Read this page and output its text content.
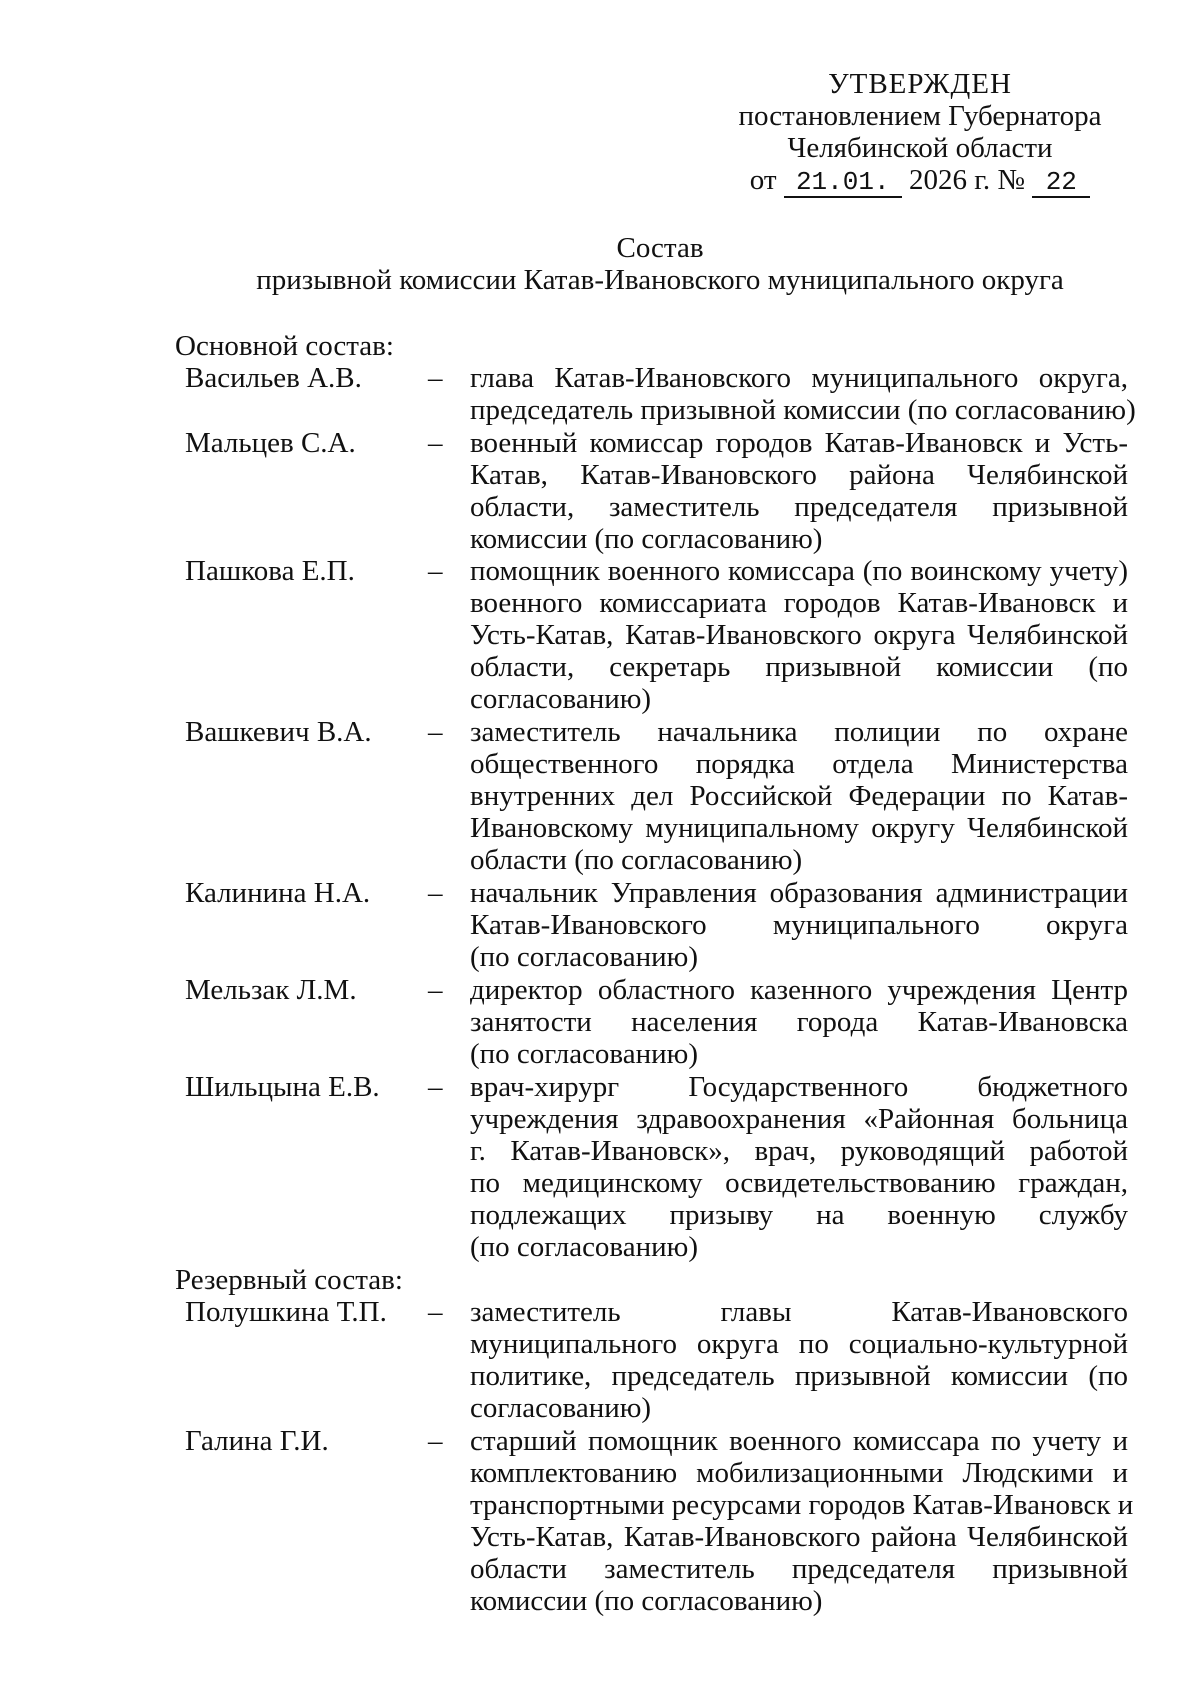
УТВЕРЖДЕН
постановлением Губернатора
Челябинской области
от 21.01. 2026 г. № 22
Состав
призывной комиссии Катав-Ивановского муниципального округа
Основной состав:
Васильев А.В. – глава Катав-Ивановского муниципального округа,
председатель призывной комиссии (по согласованию)
Мальцев С.А. – военный комиссар городов Катав-Ивановск и Усть-
Катав, Катав-Ивановского района Челябинской
области, заместитель председателя призывной
комиссии (по согласованию)
Пашкова Е.П.	– помощник военного комиссара (по воинскому учету)
военного комиссариата городов Катав-Ивановск и
Усть-Катав, Катав-Ивановского округа Челябинской
области, секретарь призывной комиссии (по
согласованию)
Вашкевич В.А. – заместитель начальника полиции по охране
общественного порядка отдела Министерства
внутренних дел Российской Федерации по Катав-
Ивановскому муниципальному округу Челябинской
области (по согласованию)
Калинина Н.А. – начальник Управления образования администрации
Катав-Ивановского муниципального округа
(по согласованию)
Мельзак Л.М. – директор областного казенного учреждения Центр
занятости населения города Катав-Ивановска
(по согласованию)
Шильцына Е.В. – врач-хирург Государственного бюджетного
учреждения здравоохранения «Районная больница
г. Катав-Ивановск», врач, руководящий работой
по медицинскому освидетельствованию граждан,
подлежащих призыву на военную службу
(по согласованию)
Резервный состав:
Полушкина Т.П. – заместитель главы Катав-Ивановского
муниципального округа по социально-культурной
политике, председатель призывной комиссии (по
согласованию)
Галина Г.И.	– старший помощник военного комиссара по учету и
комплектованию мобилизационными Людскими и
транспортными ресурсами городов Катав-Ивановск и
Усть-Катав, Катав-Ивановского района Челябинской
области заместитель председателя призывной
комиссии (по согласованию)
